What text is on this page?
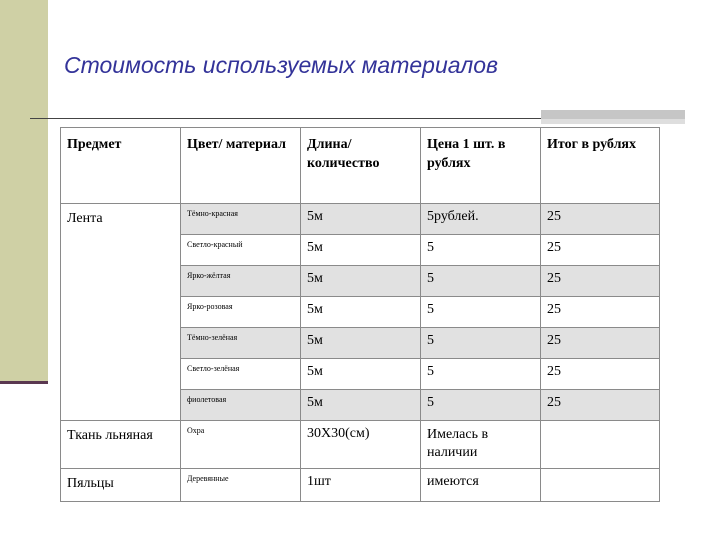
Стоимость используемых материалов
Предмет	Цвет/ материал	Длина/ количество	Цена 1 шт. в рублях	Итог в рублях
Лента	Тёмно-красная	5м	5рублей.	25
	Светло-красный	5м	5	25
	Ярко-жёлтая	5м	5	25
	Ярко-розовая	5м	5	25
	Тёмно-зелёная	5м	5	25
	Светло-зелёная	5м	5	25
	фиолетовая	5м	5	25
Ткань льняная	Охра	30Х30(см)	Имелась в наличии	
Пяльцы	Деревянные	1шт	имеются	
